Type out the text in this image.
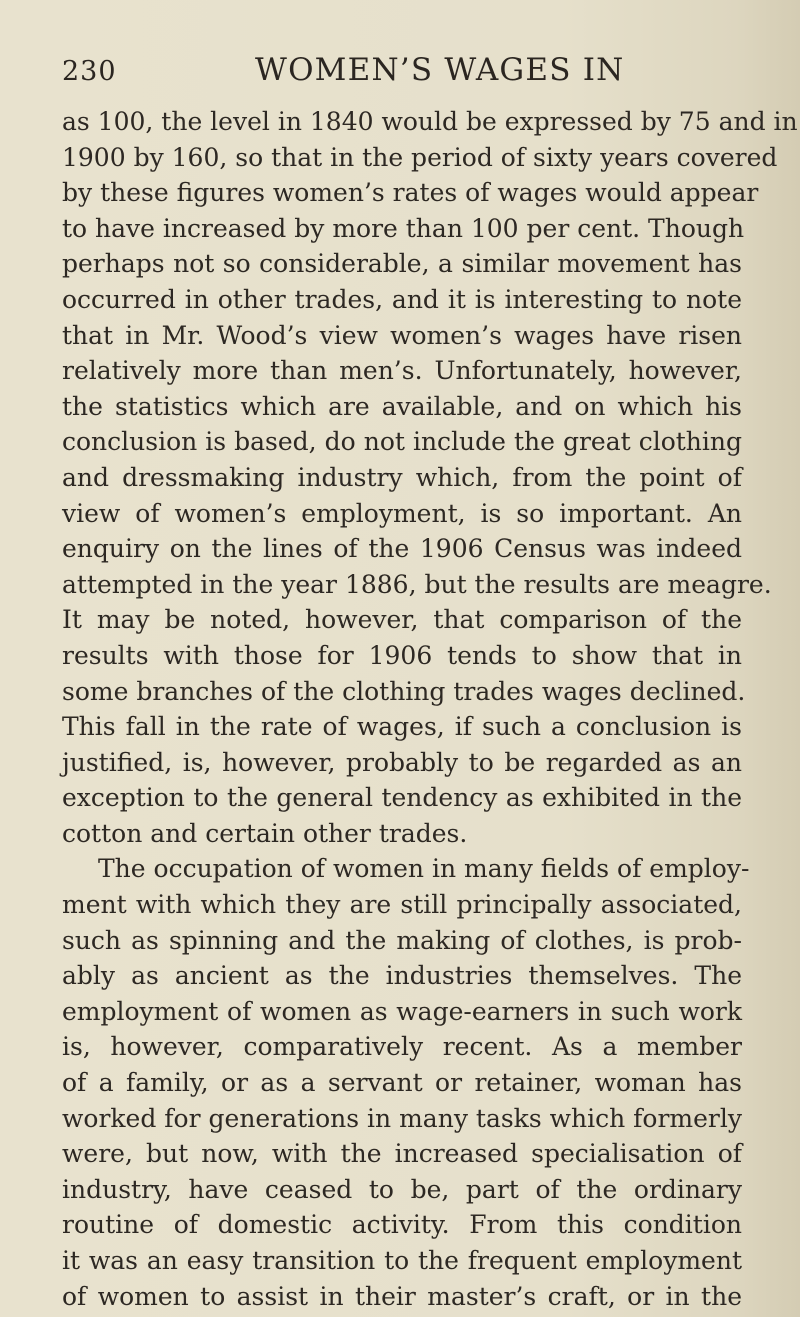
230	WOMEN’S WAGES IN
as 100, the level in 1840 would be expressed by 75 and in
1900 by 160, so that in the period of sixty years covered
by these figures women’s rates of wages would appear
to have increased by more than 100 per cent. Though
perhaps not so considerable, a similar movement has
occurred in other trades, and it is interesting to note
that in Mr. Wood’s view women’s wages have risen
relatively more than men’s. Unfortunately, however,
the statistics which are available, and on which his
conclusion is based, do not include the great clothing
and dressmaking industry which, from the point of
view of women’s employment, is so important. An
enquiry on the lines of the 1906 Census was indeed
attempted in the year 1886, but the results are meagre.
It may be noted, however, that comparison of the
results with those for 1906 tends to show that in
some branches of the clothing trades wages declined.
This fall in the rate of wages, if such a conclusion is
justified, is, however, probably to be regarded as an
exception to the general tendency as exhibited in the
cotton and certain other trades.
The occupation of women in many fields of employ-
ment with which they are still principally associated,
such as spinning and the making of clothes, is prob-
ably as ancient as the industries themselves. The
employment of women as wage-earners in such work
is, however, comparatively recent. As a member
of a family, or as a servant or retainer, woman has
worked for generations in many tasks which formerly
were, but now, with the increased specialisation of
industry, have ceased to be, part of the ordinary
routine of domestic activity. From this condition
it was an easy transition to the frequent employment
of women to assist in their master’s craft, or in the
